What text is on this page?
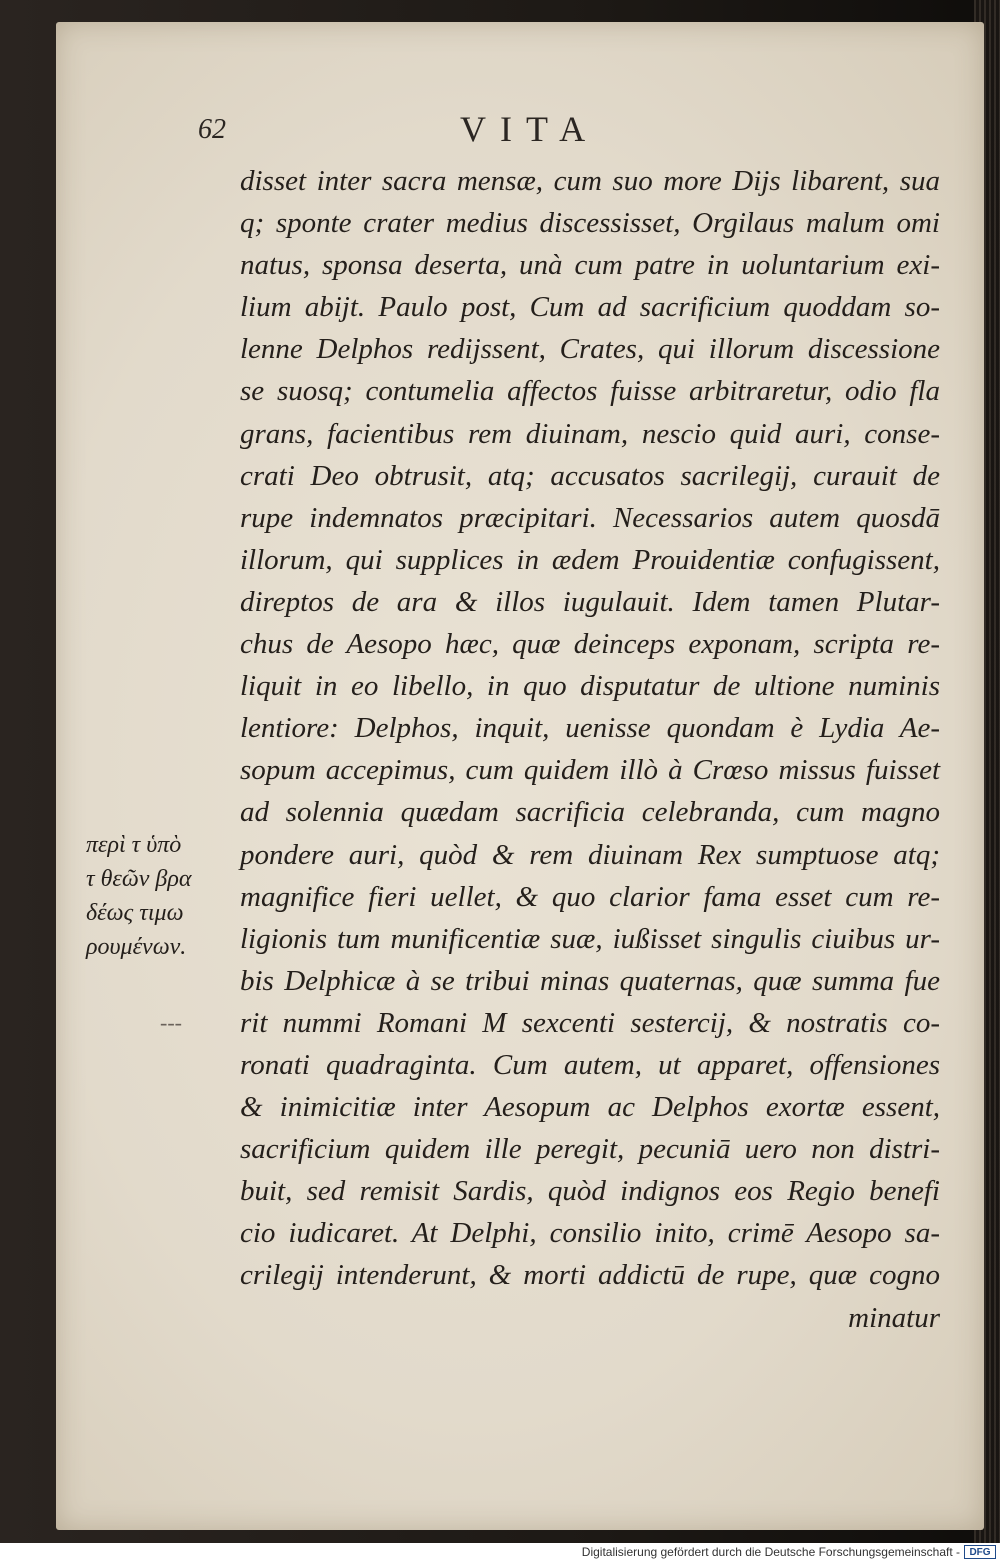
62	VITA
disset inter sacra mensæ, cum suo more Dijs libarent, sua
q; sponte crater medius discessisset, Orgilaus malum omi
natus, sponsa deserta, unà cum patre in uoluntarium exi-
lium abijt. Paulo post, Cum ad sacrificium quoddam so-
lenne Delphos redijssent, Crates, qui illorum discessione
se suosq; contumelia affectos fuisse arbitraretur, odio fla
grans, facientibus rem diuinam, nescio quid auri, conse-
crati Deo obtrusit, atq; accusatos sacrilegij, curauit de
rupe indemnatos præcipitari. Necessarios autem quosdā
illorum, qui supplices in ædem Prouidentiæ confugissent,
direptos de ara & illos iugulauit. Idem tamen Plutar-
chus de Aesopo hæc, quæ deinceps exponam, scripta re-
liquit in eo libello, in quo disputatur de ultione numinis
lentiore: Delphos, inquit, uenisse quondam è Lydia Ae-
sopum accepimus, cum quidem illò à Crœso missus fuisset
ad solennia quædam sacrificia celebranda, cum magno
pondere auri, quòd & rem diuinam Rex sumptuose atq;
magnifice fieri uellet, & quo clarior fama esset cum re-
ligionis tum munificentiæ suæ, iußisset singulis ciuibus ur-
bis Delphicæ à se tribui minas quaternas, quæ summa fue
rit nummi Romani M sexcenti sestercij, & nostratis co-
ronati quadraginta. Cum autem, ut apparet, offensiones
& inimicitiæ inter Aesopum ac Delphos exortæ essent,
sacrificium quidem ille peregit, pecuniā uero non distri-
buit, sed remisit Sardis, quòd indignos eos Regio benefi
cio iudicaret. At Delphi, consilio inito, crimē Aesopo sa-
crilegij intenderunt, & morti addictū de rupe, quæ cogno
minatur
περὶ τ ὑπὸ
τ θεῶν βρα
δέως τιμω
ρουμένων.
---
Digitalisierung gefördert durch die Deutsche Forschungsgemeinschaft - DFG
